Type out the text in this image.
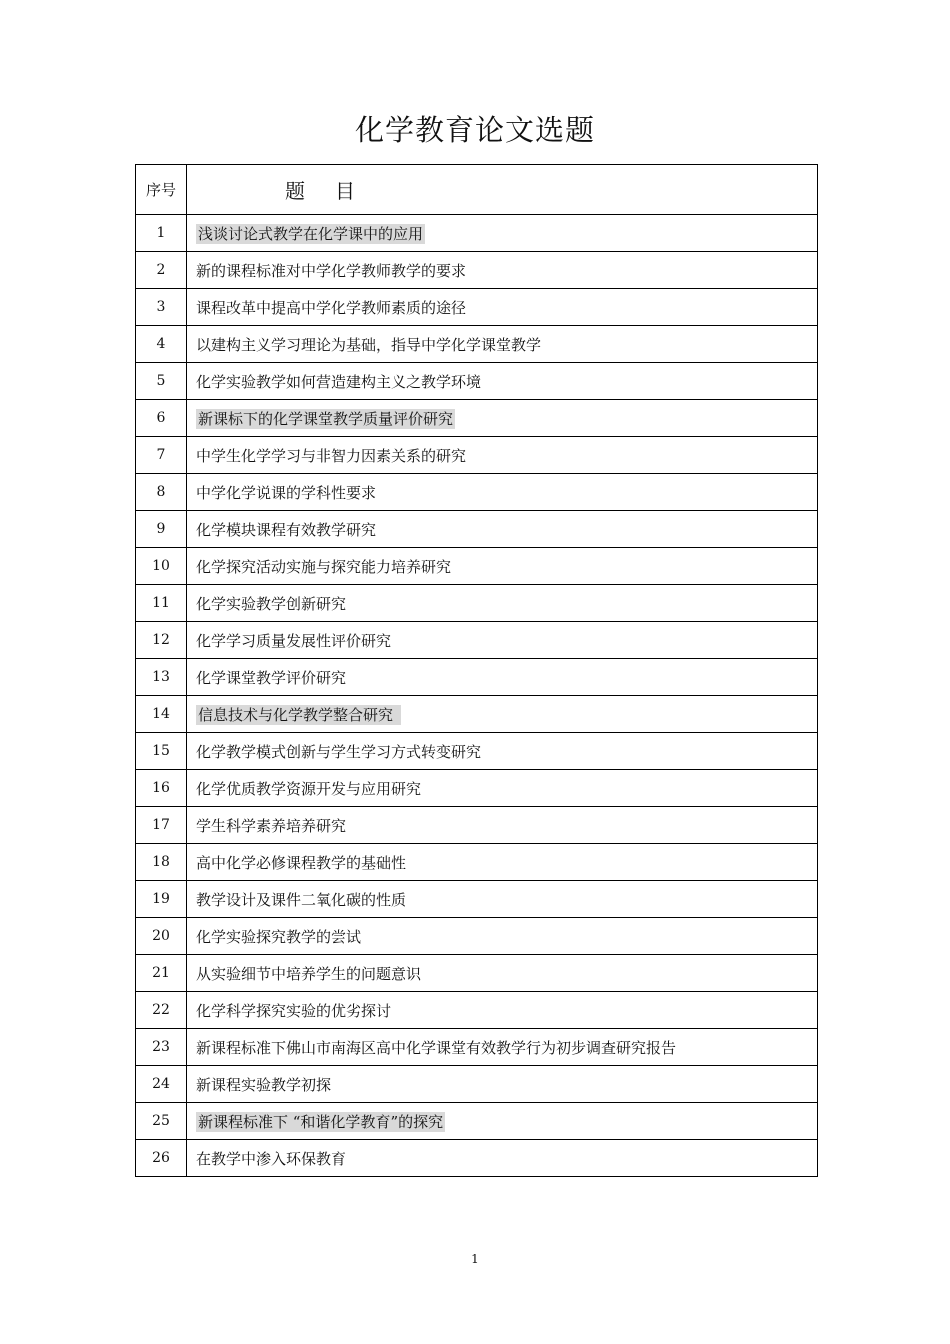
化学教育论文选题
序号	题 目
1	浅谈讨论式教学在化学课中的应用
2	新的课程标准对中学化学教师教学的要求
3	课程改革中提高中学化学教师素质的途径
4	以建构主义学习理论为基础，指导中学化学课堂教学
5	化学实验教学如何营造建构主义之教学环境
6	新课标下的化学课堂教学质量评价研究
7	中学生化学学习与非智力因素关系的研究
8	中学化学说课的学科性要求
9	化学模块课程有效教学研究
10	化学探究活动实施与探究能力培养研究
11	化学实验教学创新研究
12	化学学习质量发展性评价研究
13	化学课堂教学评价研究
14	信息技术与化学教学整合研究
15	化学教学模式创新与学生学习方式转变研究
16	化学优质教学资源开发与应用研究
17	学生科学素养培养研究
18	高中化学必修课程教学的基础性
19	教学设计及课件二氧化碳的性质
20	化学实验探究教学的尝试
21	从实验细节中培养学生的问题意识
22	化学科学探究实验的优劣探讨
23	新课程标准下佛山市南海区高中化学课堂有效教学行为初步调查研究报告
24	新课程实验教学初探
25	新课程标准下 “和谐化学教育”的探究
26	在教学中渗入环保教育
1
